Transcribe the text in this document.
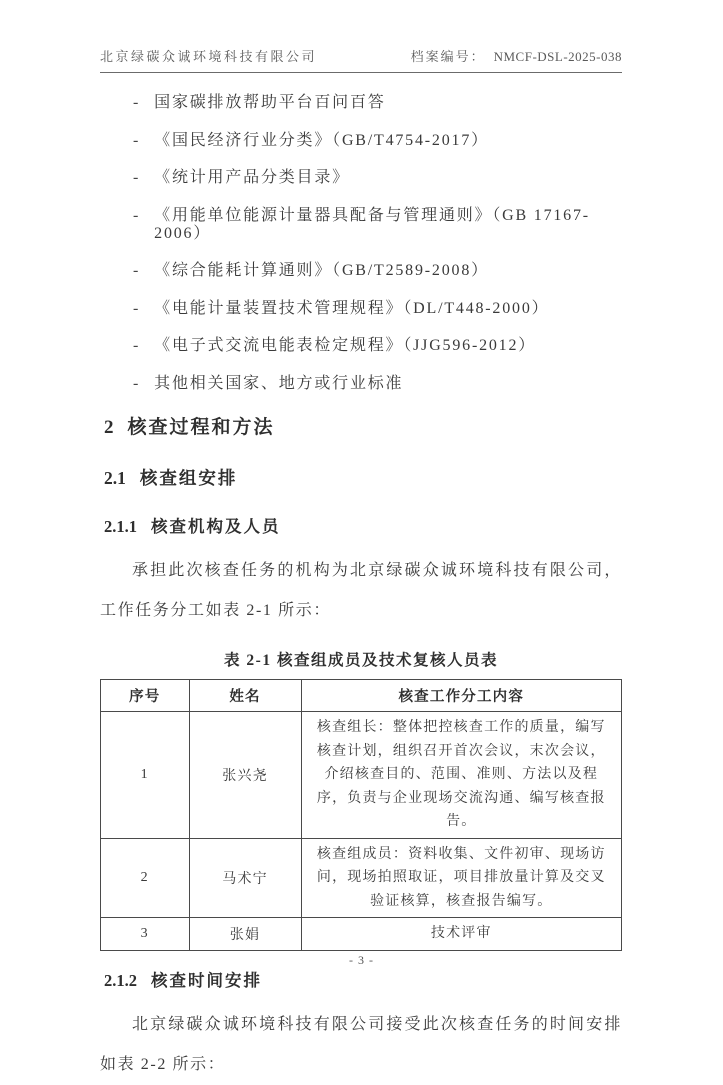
北京绿碳众诚环境科技有限公司	档案编号： NMCF-DSL-2025-038
- 国家碳排放帮助平台百问百答
- 《国民经济行业分类》（GB/T4754-2017）
- 《统计用产品分类目录》
- 《用能单位能源计量器具配备与管理通则》（GB 17167-2006）
- 《综合能耗计算通则》（GB/T2589-2008）
- 《电能计量装置技术管理规程》（DL/T448-2000）
- 《电子式交流电能表检定规程》（JJG596-2012）
- 其他相关国家、地方或行业标准
2 核查过程和方法
2.1 核查组安排
2.1.1 核查机构及人员

承担此次核查任务的机构为北京绿碳众诚环境科技有限公司，工作任务分工如表 2-1 所示：

表 2-1 核查组成员及技术复核人员表
序号	姓名	核查工作分工内容
1	张兴尧	核查组长：整体把控核查工作的质量，编写核查计划，组织召开首次会议，末次会议，介绍核查目的、范围、准则、方法以及程序，负责与企业现场交流沟通、编写核查报告。
2	马术宁	核查组成员：资料收集、文件初审、现场访问，现场拍照取证，项目排放量计算及交叉验证核算，核查报告编写。
3	张娟	技术评审
2.1.2 核查时间安排

北京绿碳众诚环境科技有限公司接受此次核查任务的时间安排如表 2-2 所示：

- 3 -
